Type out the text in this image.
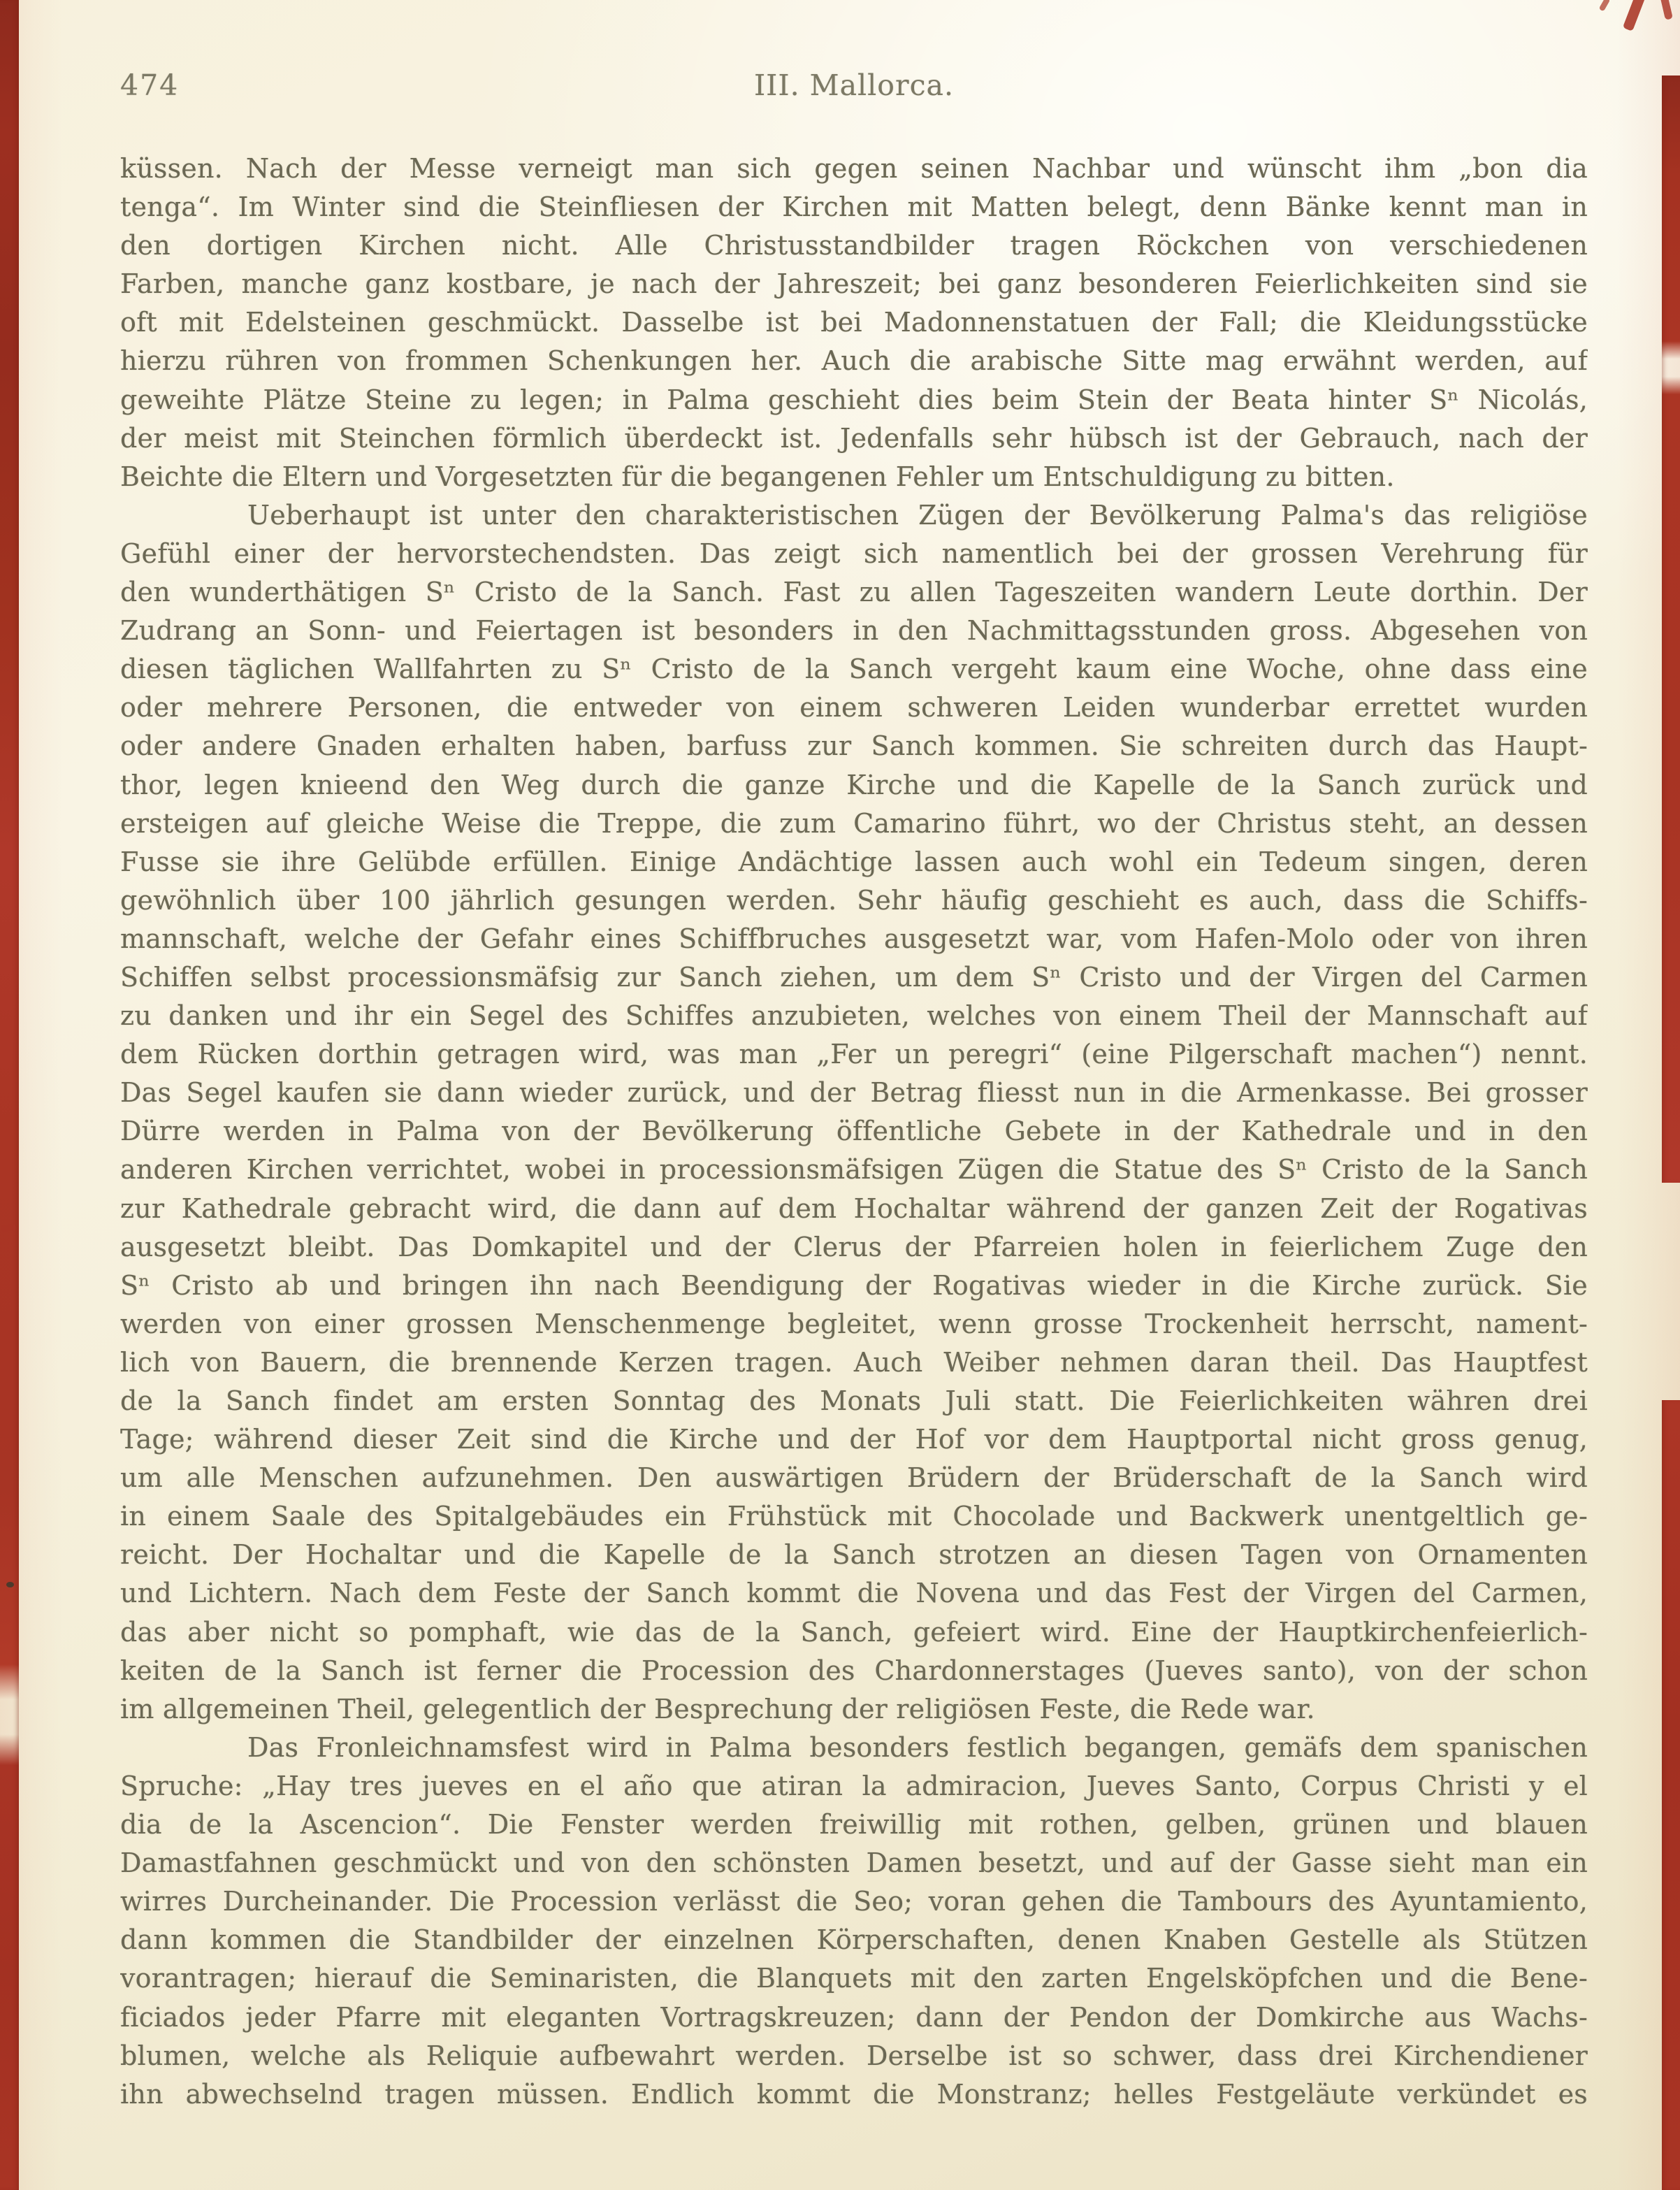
474	III. Mallorca.
küssen. Nach der Messe verneigt man sich gegen seinen Nachbar und wünscht ihm „bon dia
tenga“. Im Winter sind die Steinfliesen der Kirchen mit Matten belegt, denn Bänke kennt man in
den dortigen Kirchen nicht. Alle Christusstandbilder tragen Röckchen von verschiedenen
Farben, manche ganz kostbare, je nach der Jahreszeit; bei ganz besonderen Feierlichkeiten sind sie
oft mit Edelsteinen geschmückt. Dasselbe ist bei Madonnenstatuen der Fall; die Kleidungsstücke
hierzu rühren von frommen Schenkungen her. Auch die arabische Sitte mag erwähnt werden, auf
geweihte Plätze Steine zu legen; in Palma geschieht dies beim Stein der Beata hinter Sⁿ Nicolás,
der meist mit Steinchen förmlich überdeckt ist. Jedenfalls sehr hübsch ist der Gebrauch, nach der
Beichte die Eltern und Vorgesetzten für die begangenen Fehler um Entschuldigung zu bitten.
Ueberhaupt ist unter den charakteristischen Zügen der Bevölkerung Palma's das religiöse
Gefühl einer der hervorstechendsten. Das zeigt sich namentlich bei der grossen Verehrung für
den wunderthätigen Sⁿ Cristo de la Sanch. Fast zu allen Tageszeiten wandern Leute dorthin. Der
Zudrang an Sonn- und Feiertagen ist besonders in den Nachmittagsstunden gross. Abgesehen von
diesen täglichen Wallfahrten zu Sⁿ Cristo de la Sanch vergeht kaum eine Woche, ohne dass eine
oder mehrere Personen, die entweder von einem schweren Leiden wunderbar errettet wurden
oder andere Gnaden erhalten haben, barfuss zur Sanch kommen. Sie schreiten durch das Haupt-
thor, legen knieend den Weg durch die ganze Kirche und die Kapelle de la Sanch zurück und
ersteigen auf gleiche Weise die Treppe, die zum Camarino führt, wo der Christus steht, an dessen
Fusse sie ihre Gelübde erfüllen. Einige Andächtige lassen auch wohl ein Tedeum singen, deren
gewöhnlich über 100 jährlich gesungen werden. Sehr häufig geschieht es auch, dass die Schiffs-
mannschaft, welche der Gefahr eines Schiffbruches ausgesetzt war, vom Hafen-Molo oder von ihren
Schiffen selbst processionsmäfsig zur Sanch ziehen, um dem Sⁿ Cristo und der Virgen del Carmen
zu danken und ihr ein Segel des Schiffes anzubieten, welches von einem Theil der Mannschaft auf
dem Rücken dorthin getragen wird, was man „Fer un peregri“ (eine Pilgerschaft machen“) nennt.
Das Segel kaufen sie dann wieder zurück, und der Betrag fliesst nun in die Armenkasse. Bei grosser
Dürre werden in Palma von der Bevölkerung öffentliche Gebete in der Kathedrale und in den
anderen Kirchen verrichtet, wobei in processionsmäfsigen Zügen die Statue des Sⁿ Cristo de la Sanch
zur Kathedrale gebracht wird, die dann auf dem Hochaltar während der ganzen Zeit der Rogativas
ausgesetzt bleibt. Das Domkapitel und der Clerus der Pfarreien holen in feierlichem Zuge den
Sⁿ Cristo ab und bringen ihn nach Beendigung der Rogativas wieder in die Kirche zurück. Sie
werden von einer grossen Menschenmenge begleitet, wenn grosse Trockenheit herrscht, nament-
lich von Bauern, die brennende Kerzen tragen. Auch Weiber nehmen daran theil. Das Hauptfest
de la Sanch findet am ersten Sonntag des Monats Juli statt. Die Feierlichkeiten währen drei
Tage; während dieser Zeit sind die Kirche und der Hof vor dem Hauptportal nicht gross genug,
um alle Menschen aufzunehmen. Den auswärtigen Brüdern der Brüderschaft de la Sanch wird
in einem Saale des Spitalgebäudes ein Frühstück mit Chocolade und Backwerk unentgeltlich ge-
reicht. Der Hochaltar und die Kapelle de la Sanch strotzen an diesen Tagen von Ornamenten
und Lichtern. Nach dem Feste der Sanch kommt die Novena und das Fest der Virgen del Carmen,
das aber nicht so pomphaft, wie das de la Sanch, gefeiert wird. Eine der Hauptkirchenfeierlich-
keiten de la Sanch ist ferner die Procession des Chardonnerstages (Jueves santo), von der schon
im allgemeinen Theil, gelegentlich der Besprechung der religiösen Feste, die Rede war.
Das Fronleichnamsfest wird in Palma besonders festlich begangen, gemäfs dem spanischen
Spruche: „Hay tres jueves en el año que atiran la admiracion, Jueves Santo, Corpus Christi y el
dia de la Ascencion“. Die Fenster werden freiwillig mit rothen, gelben, grünen und blauen
Damastfahnen geschmückt und von den schönsten Damen besetzt, und auf der Gasse sieht man ein
wirres Durcheinander. Die Procession verlässt die Seo; voran gehen die Tambours des Ayuntamiento,
dann kommen die Standbilder der einzelnen Körperschaften, denen Knaben Gestelle als Stützen
vorantragen; hierauf die Seminaristen, die Blanquets mit den zarten Engelsköpfchen und die Bene-
ficiados jeder Pfarre mit eleganten Vortragskreuzen; dann der Pendon der Domkirche aus Wachs-
blumen, welche als Reliquie aufbewahrt werden. Derselbe ist so schwer, dass drei Kirchendiener
ihn abwechselnd tragen müssen. Endlich kommt die Monstranz; helles Festgeläute verkündet es
